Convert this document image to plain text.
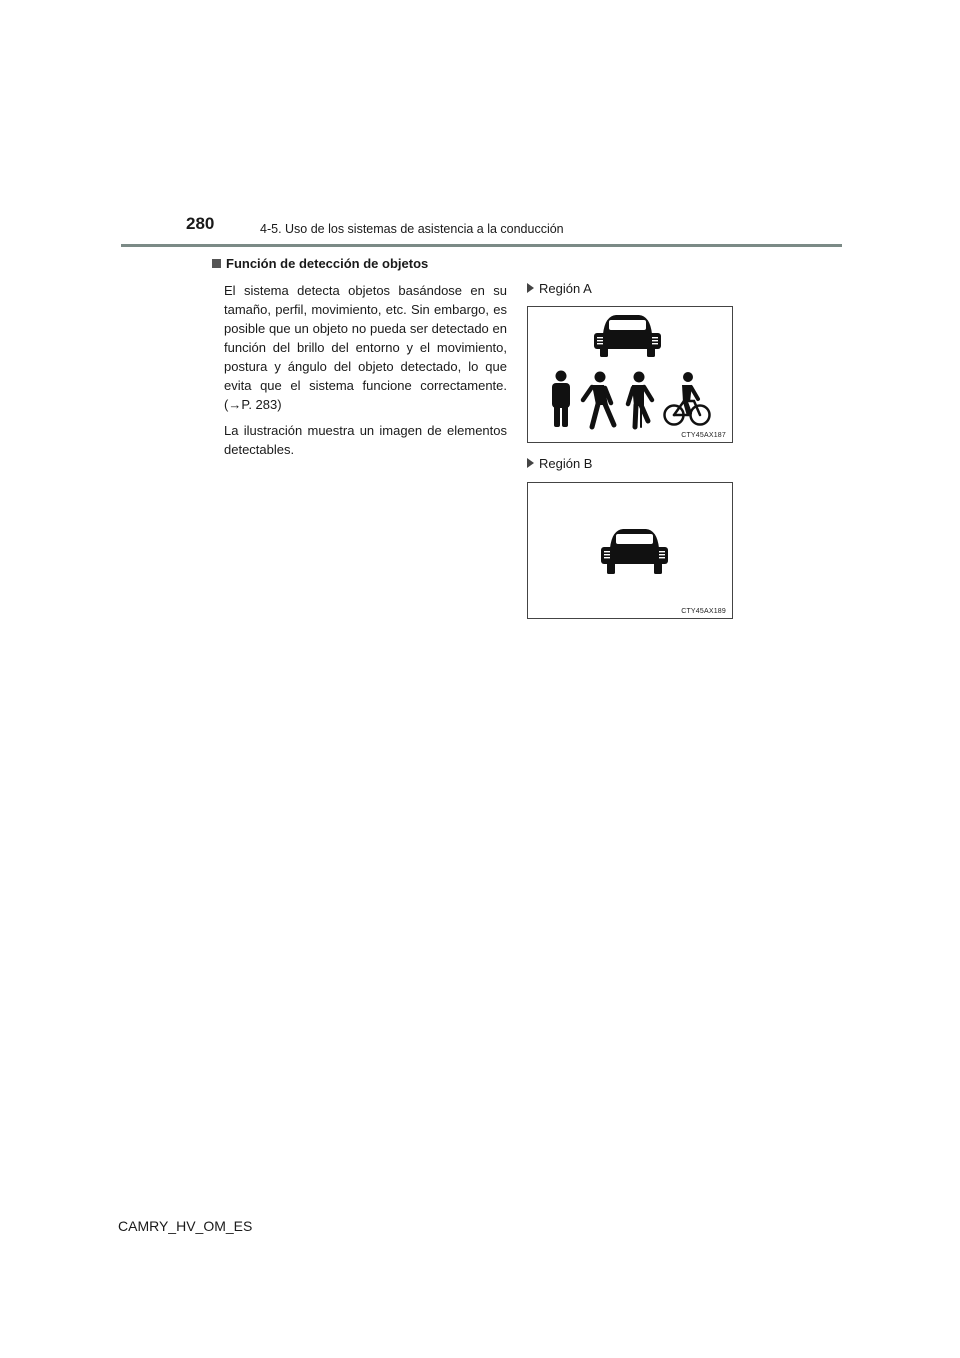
280	4-5. Uso de los sistemas de asistencia a la conducción
Función de detección de objetos

El sistema detecta objetos basándose en su tamaño, perfil, movimiento, etc. Sin embargo, es posible que un objeto no pueda ser detectado en función del brillo del entorno y el movimiento, postura y ángulo del objeto detectado, lo que evita que el sistema funcione correctamente. (→P. 283)

La ilustración muestra un imagen de elementos detectables.

Región A
CTY45AX187
Región B
CTY45AX189
CAMRY_HV_OM_ES
